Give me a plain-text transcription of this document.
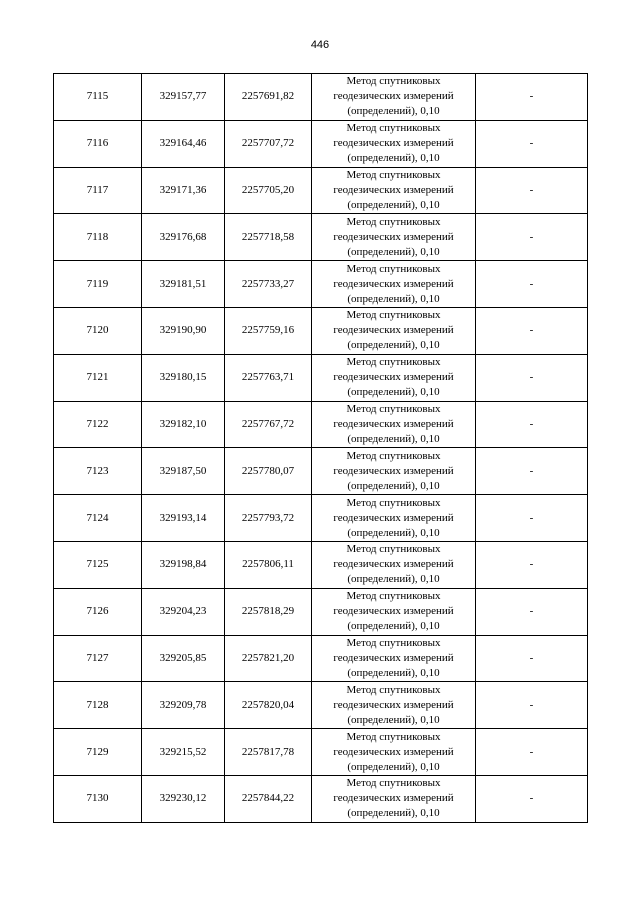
446
7115	329157,77	2257691,82	Метод спутниковых
геодезических измерений
(определений), 0,10	-
7116	329164,46	2257707,72	Метод спутниковых
геодезических измерений
(определений), 0,10	-
7117	329171,36	2257705,20	Метод спутниковых
геодезических измерений
(определений), 0,10	-
7118	329176,68	2257718,58	Метод спутниковых
геодезических измерений
(определений), 0,10	-
7119	329181,51	2257733,27	Метод спутниковых
геодезических измерений
(определений), 0,10	-
7120	329190,90	2257759,16	Метод спутниковых
геодезических измерений
(определений), 0,10	-
7121	329180,15	2257763,71	Метод спутниковых
геодезических измерений
(определений), 0,10	-
7122	329182,10	2257767,72	Метод спутниковых
геодезических измерений
(определений), 0,10	-
7123	329187,50	2257780,07	Метод спутниковых
геодезических измерений
(определений), 0,10	-
7124	329193,14	2257793,72	Метод спутниковых
геодезических измерений
(определений), 0,10	-
7125	329198,84	2257806,11	Метод спутниковых
геодезических измерений
(определений), 0,10	-
7126	329204,23	2257818,29	Метод спутниковых
геодезических измерений
(определений), 0,10	-
7127	329205,85	2257821,20	Метод спутниковых
геодезических измерений
(определений), 0,10	-
7128	329209,78	2257820,04	Метод спутниковых
геодезических измерений
(определений), 0,10	-
7129	329215,52	2257817,78	Метод спутниковых
геодезических измерений
(определений), 0,10	-
7130	329230,12	2257844,22	Метод спутниковых
геодезических измерений
(определений), 0,10	-
